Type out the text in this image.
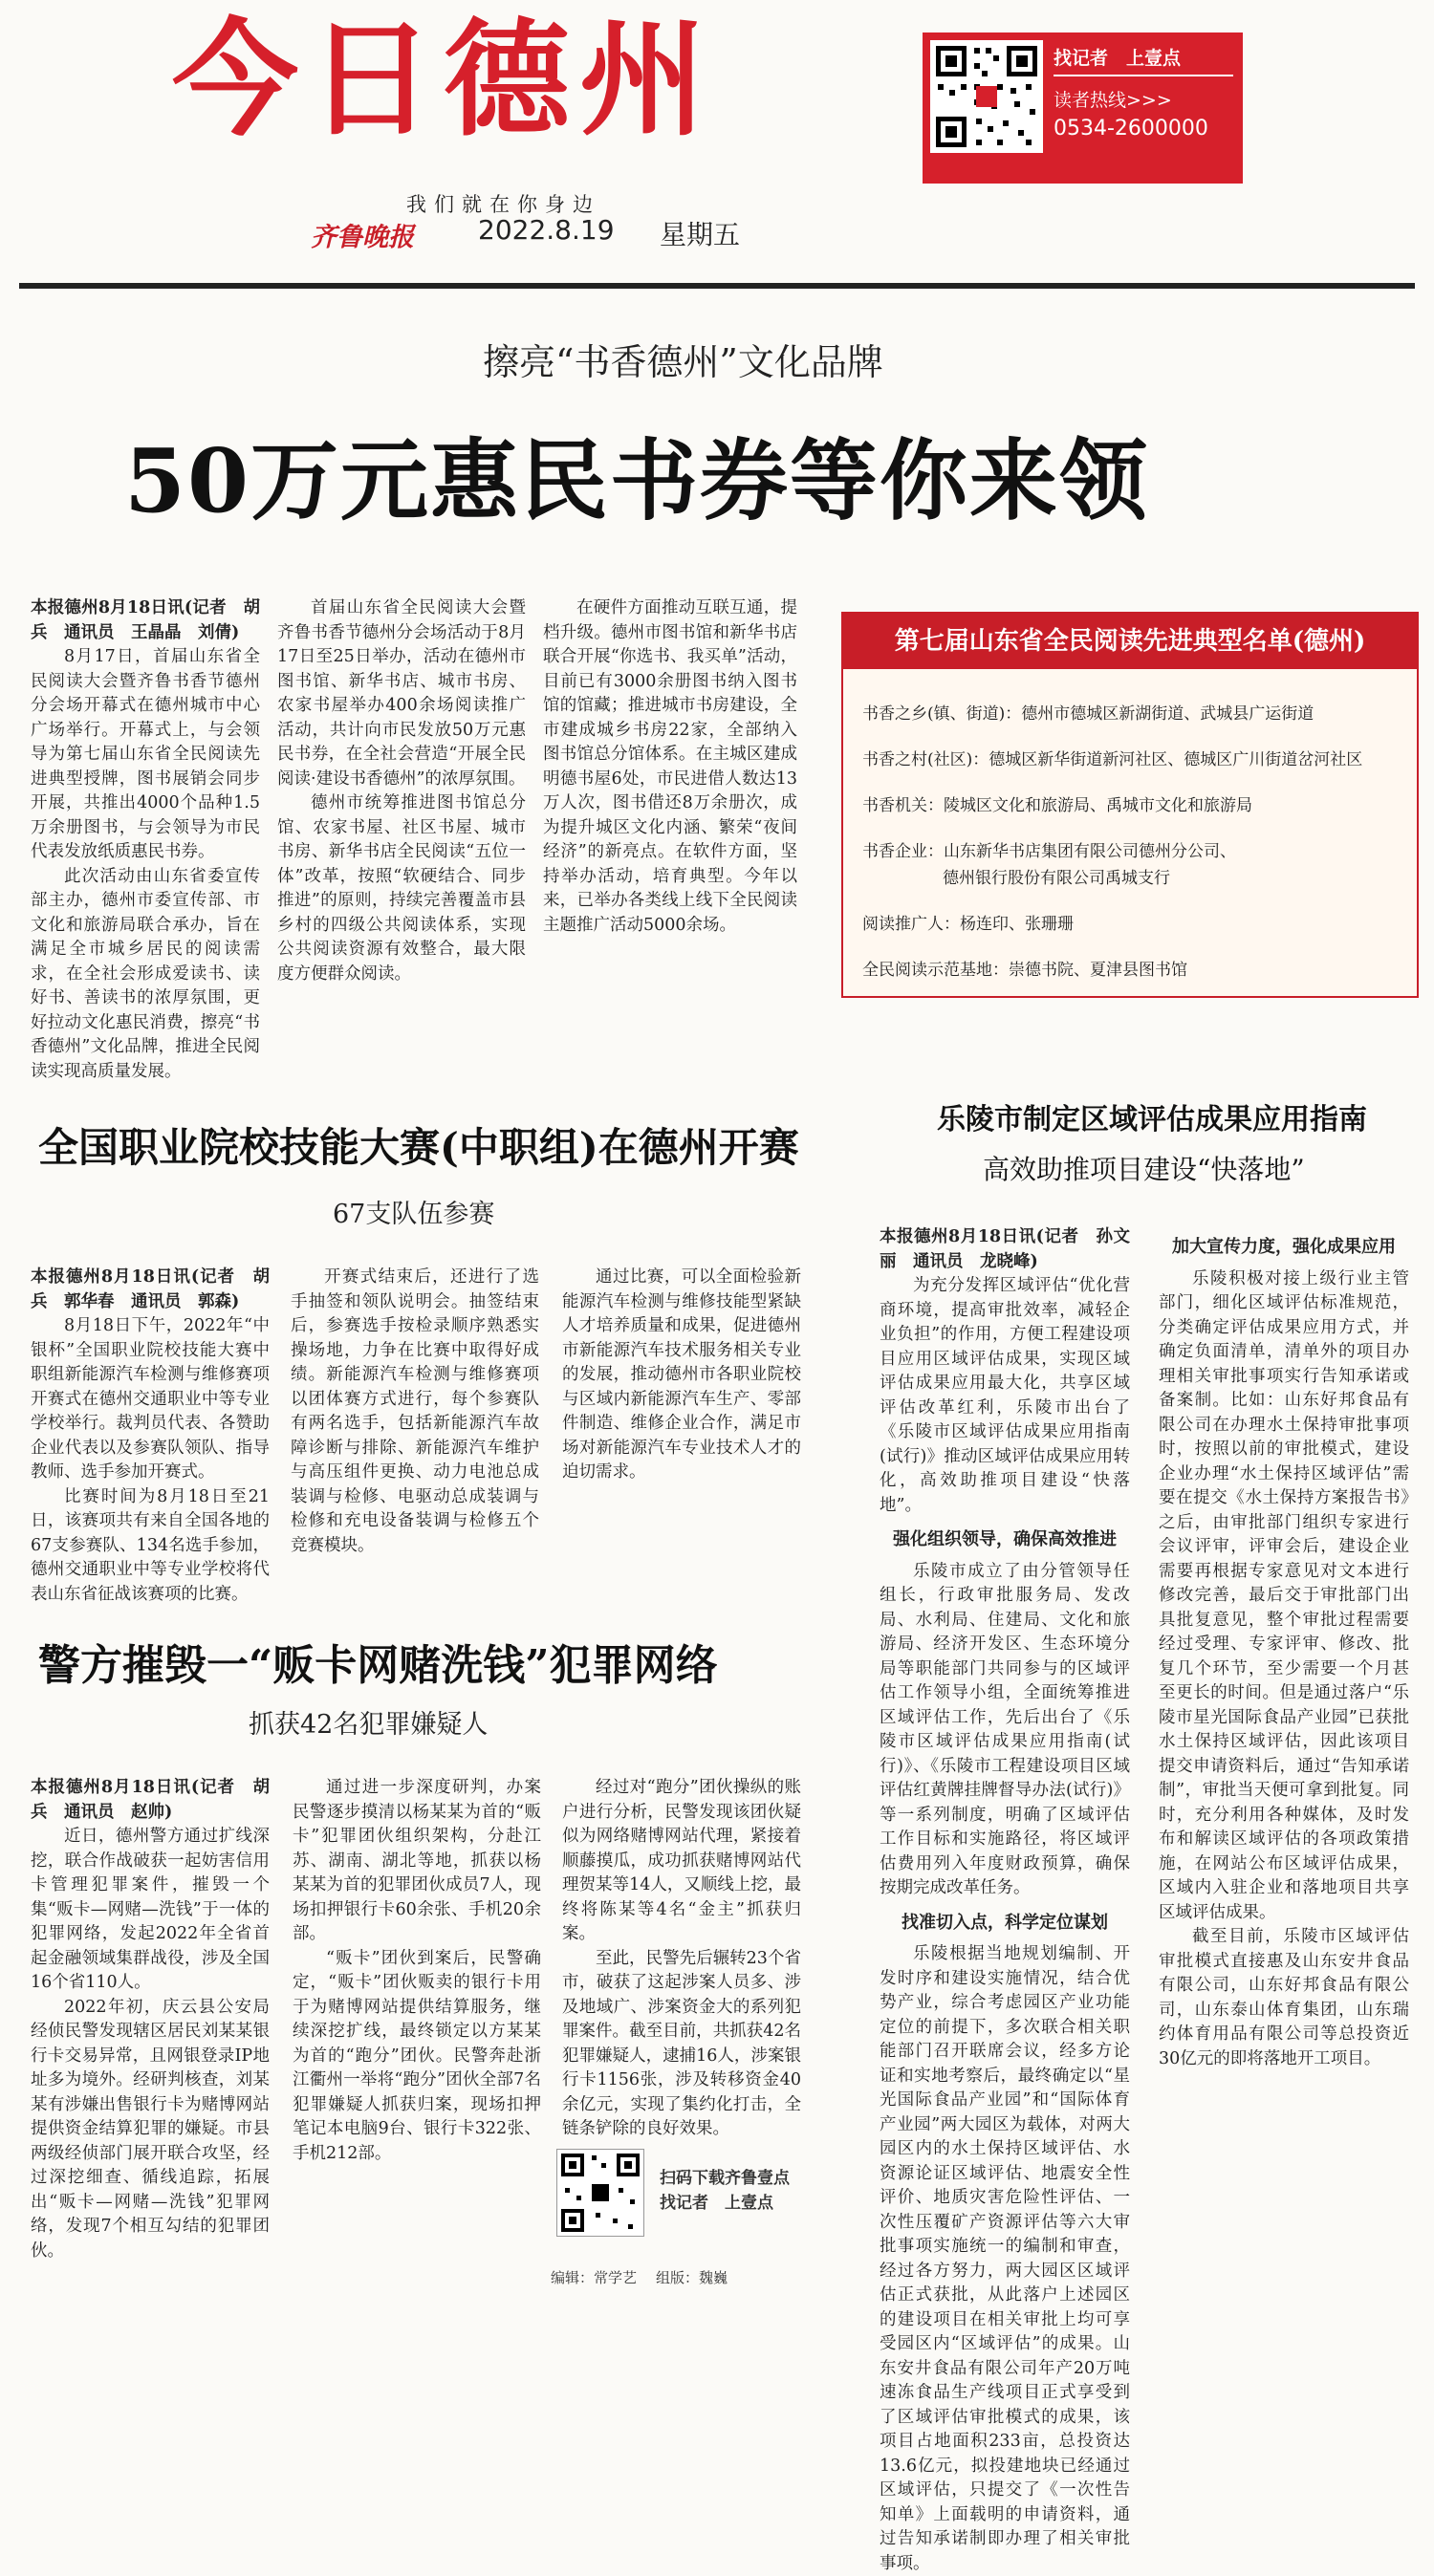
今日德州
我们就在你身边
齐鲁晚报 2022.8.19 星期五
找记者　上壹点
读者热线>>>
0534-2600000
擦亮“书香德州”文化品牌
50万元惠民书券等你来领

本报德州8月18日讯(记者　胡兵　通讯员　王晶晶　刘倩)

8月17日，首届山东省全民阅读大会暨齐鲁书香节德州分会场开幕式在德州城市中心广场举行。开幕式上，与会领导为第七届山东省全民阅读先进典型授牌，图书展销会同步开展，共推出4000个品种1.5万余册图书，与会领导为市民代表发放纸质惠民书券。

此次活动由山东省委宣传部主办，德州市委宣传部、市文化和旅游局联合承办，旨在满足全市城乡居民的阅读需求，在全社会形成爱读书、读好书、善读书的浓厚氛围，更好拉动文化惠民消费，擦亮“书香德州”文化品牌，推进全民阅读实现高质量发展。

首届山东省全民阅读大会暨齐鲁书香节德州分会场活动于8月17日至25日举办，活动在德州市图书馆、新华书店、城市书房、农家书屋举办400余场阅读推广活动，共计向市民发放50万元惠民书券，在全社会营造“开展全民阅读·建设书香德州”的浓厚氛围。

德州市统筹推进图书馆总分馆、农家书屋、社区书屋、城市书房、新华书店全民阅读“五位一体”改革，按照“软硬结合、同步推进”的原则，持续完善覆盖市县乡村的四级公共阅读体系，实现公共阅读资源有效整合，最大限度方便群众阅读。

在硬件方面推动互联互通，提档升级。德州市图书馆和新华书店联合开展“你选书、我买单”活动，目前已有3000余册图书纳入图书馆的馆藏；推进城市书房建设，全市建成城乡书房22家，全部纳入图书馆总分馆体系。在主城区建成明德书屋6处，市民进借人数达13万人次，图书借还8万余册次，成为提升城区文化内涵、繁荣“夜间经济”的新亮点。在软件方面，坚持举办活动，培育典型。今年以来，已举办各类线上线下全民阅读主题推广活动5000余场。

第七届山东省全民阅读先进典型名单(德州)
书香之乡(镇、街道)：德州市德城区新湖街道、武城县广运街道
书香之村(社区)：德城区新华街道新河社区、德城区广川街道岔河社区
书香机关：陵城区文化和旅游局、禹城市文化和旅游局
书香企业：山东新华书店集团有限公司德州分公司、
德州银行股份有限公司禹城支行
阅读推广人：杨连印、张珊珊
全民阅读示范基地：崇德书院、夏津县图书馆
全国职业院校技能大赛(中职组)在德州开赛
67支队伍参赛

本报德州8月18日讯(记者　胡兵　郭华春　通讯员　郭森)

8月18日下午，2022年“中银杯”全国职业院校技能大赛中职组新能源汽车检测与维修赛项开赛式在德州交通职业中等专业学校举行。裁判员代表、各赞助企业代表以及参赛队领队、指导教师、选手参加开赛式。

比赛时间为8月18日至21日，该赛项共有来自全国各地的67支参赛队、134名选手参加，德州交通职业中等专业学校将代表山东省征战该赛项的比赛。

开赛式结束后，还进行了选手抽签和领队说明会。抽签结束后，参赛选手按检录顺序熟悉实操场地，力争在比赛中取得好成绩。新能源汽车检测与维修赛项以团体赛方式进行，每个参赛队有两名选手，包括新能源汽车故障诊断与排除、新能源汽车维护与高压组件更换、动力电池总成装调与检修、电驱动总成装调与检修和充电设备装调与检修五个竞赛模块。

通过比赛，可以全面检验新能源汽车检测与维修技能型紧缺人才培养质量和成果，促进德州市新能源汽车技术服务相关专业的发展，推动德州市各职业院校与区域内新能源汽车生产、零部件制造、维修企业合作，满足市场对新能源汽车专业技术人才的迫切需求。

警方摧毁一“贩卡网赌洗钱”犯罪网络
抓获42名犯罪嫌疑人

本报德州8月18日讯(记者　胡兵　通讯员　赵帅)

近日，德州警方通过扩线深挖，联合作战破获一起妨害信用卡管理犯罪案件，摧毁一个集“贩卡—网赌—洗钱”于一体的犯罪网络，发起2022年全省首起金融领域集群战役，涉及全国16个省110人。

2022年初，庆云县公安局经侦民警发现辖区居民刘某某银行卡交易异常，且网银登录IP地址多为境外。经研判核查，刘某某有涉嫌出售银行卡为赌博网站提供资金结算犯罪的嫌疑。市县两级经侦部门展开联合攻坚，经过深挖细查、循线追踪，拓展出“贩卡—网赌—洗钱”犯罪网络，发现7个相互勾结的犯罪团伙。

通过进一步深度研判，办案民警逐步摸清以杨某某为首的“贩卡”犯罪团伙组织架构，分赴江苏、湖南、湖北等地，抓获以杨某某为首的犯罪团伙成员7人，现场扣押银行卡60余张、手机20余部。

“贩卡”团伙到案后，民警确定，“贩卡”团伙贩卖的银行卡用于为赌博网站提供结算服务，继续深挖扩线，最终锁定以方某某为首的“跑分”团伙。民警奔赴浙江衢州一举将“跑分”团伙全部7名犯罪嫌疑人抓获归案，现场扣押笔记本电脑9台、银行卡322张、手机212部。

经过对“跑分”团伙操纵的账户进行分析，民警发现该团伙疑似为网络赌博网站代理，紧接着顺藤摸瓜，成功抓获赌博网站代理贺某等14人，又顺线上挖，最终将陈某等4名“金主”抓获归案。

至此，民警先后辗转23个省市，破获了这起涉案人员多、涉及地域广、涉案资金大的系列犯罪案件。截至目前，共抓获42名犯罪嫌疑人，逮捕16人，涉案银行卡1156张，涉及转移资金40余亿元，实现了集约化打击，全链条铲除的良好效果。

扫码下载齐鲁壹点
找记者　上壹点
编辑：常学艺 组版：魏巍
乐陵市制定区域评估成果应用指南
高效助推项目建设“快落地”

本报德州8月18日讯(记者　孙文丽　通讯员　龙晓峰)

为充分发挥区域评估“优化营商环境，提高审批效率，减轻企业负担”的作用，方便工程建设项目应用区域评估成果，实现区域评估成果应用最大化，共享区域评估改革红利，乐陵市出台了《乐陵市区域评估成果应用指南(试行)》推动区域评估成果应用转化，高效助推项目建设“快落地”。

强化组织领导，确保高效推进

乐陵市成立了由分管领导任组长，行政审批服务局、发改局、水利局、住建局、文化和旅游局、经济开发区、生态环境分局等职能部门共同参与的区域评估工作领导小组，全面统筹推进区域评估工作，先后出台了《乐陵市区域评估成果应用指南(试行)》、《乐陵市工程建设项目区域评估红黄牌挂牌督导办法(试行)》等一系列制度，明确了区域评估工作目标和实施路径，将区域评估费用列入年度财政预算，确保按期完成改革任务。

找准切入点，科学定位谋划

乐陵根据当地规划编制、开发时序和建设实施情况，结合优势产业，综合考虑园区产业功能定位的前提下，多次联合相关职能部门召开联席会议，经多方论证和实地考察后，最终确定以“星光国际食品产业园”和“国际体育产业园”两大园区为载体，对两大园区内的水土保持区域评估、水资源论证区域评估、地震安全性评价、地质灾害危险性评估、一次性压覆矿产资源评估等六大审批事项实施统一的编制和审查，经过各方努力，两大园区区域评估正式获批，从此落户上述园区的建设项目在相关审批上均可享受园区内“区域评估”的成果。山东安井食品有限公司年产20万吨速冻食品生产线项目正式享受到了区域评估审批模式的成果，该项目占地面积233亩，总投资达13.6亿元，拟投建地块已经通过区域评估，只提交了《一次性告知单》上面载明的申请资料，通过告知承诺制即办理了相关审批事项。

加大宣传力度，强化成果应用

乐陵积极对接上级行业主管部门，细化区域评估标准规范，分类确定评估成果应用方式，并确定负面清单，清单外的项目办理相关审批事项实行告知承诺或备案制。比如：山东好邦食品有限公司在办理水土保持审批事项时，按照以前的审批模式，建设企业办理“水土保持区域评估”需要在提交《水土保持方案报告书》之后，由审批部门组织专家进行会议评审，评审会后，建设企业需要再根据专家意见对文本进行修改完善，最后交于审批部门出具批复意见，整个审批过程需要经过受理、专家评审、修改、批复几个环节，至少需要一个月甚至更长的时间。但是通过落户“乐陵市星光国际食品产业园”已获批水土保持区域评估，因此该项目提交申请资料后，通过“告知承诺制”，审批当天便可拿到批复。同时，充分利用各种媒体，及时发布和解读区域评估的各项政策措施，在网站公布区域评估成果，区域内入驻企业和落地项目共享区域评估成果。

截至目前，乐陵市区域评估审批模式直接惠及山东安井食品有限公司，山东好邦食品有限公司，山东泰山体育集团，山东瑞约体育用品有限公司等总投资近30亿元的即将落地开工项目。
